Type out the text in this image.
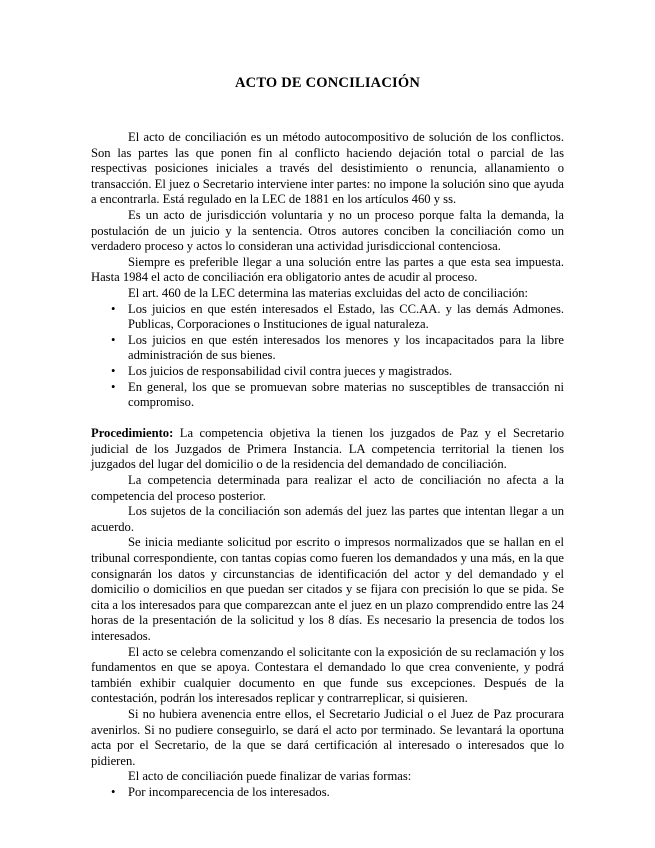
ACTO DE CONCILIACIÓN

El acto de conciliación es un método autocompositivo de solución de los conflictos. Son las partes las que ponen fin al conflicto haciendo dejación total o parcial de las respectivas posiciones iniciales a través del desistimiento o renuncia, allanamiento o transacción. El juez o Secretario interviene inter partes: no impone la solución sino que ayuda a encontrarla. Está regulado en la LEC de 1881 en los artículos 460 y ss.

Es un acto de jurisdicción voluntaria y no un proceso porque falta la demanda, la postulación de un juicio y la sentencia. Otros autores conciben la conciliación como un verdadero proceso y actos lo consideran una actividad jurisdiccional contenciosa.

Siempre es preferible llegar a una solución entre las partes a que esta sea impuesta. Hasta 1984 el acto de conciliación era obligatorio antes de acudir al proceso.

El art. 460 de la LEC determina las materias excluidas del acto de conciliación:

• Los juicios en que estén interesados el Estado, las CC.AA. y las demás Admones. Publicas, Corporaciones o Instituciones de igual naturaleza.
• Los juicios en que estén interesados los menores y los incapacitados para la libre administración de sus bienes.
• Los juicios de responsabilidad civil contra jueces y magistrados.
• En general, los que se promuevan sobre materias no susceptibles de transacción ni compromiso.

Procedimiento: La competencia objetiva la tienen los juzgados de Paz y el Secretario judicial de los Juzgados de Primera Instancia. LA competencia territorial la tienen los juzgados del lugar del domicilio o de la residencia del demandado de conciliación.

La competencia determinada para realizar el acto de conciliación no afecta a la competencia del proceso posterior.

Los sujetos de la conciliación son además del juez las partes que intentan llegar a un acuerdo.

Se inicia mediante solicitud por escrito o impresos normalizados que se hallan en el tribunal correspondiente, con tantas copias como fueren los demandados y una más, en la que consignarán los datos y circunstancias de identificación del actor y del demandado y el domicilio o domicilios en que puedan ser citados y se fijara con precisión lo que se pida. Se cita a los interesados para que comparezcan ante el juez en un plazo comprendido entre las 24 horas de la presentación de la solicitud y los 8 días. Es necesario la presencia de todos los interesados.

El acto se celebra comenzando el solicitante con la exposición de su reclamación y los fundamentos en que se apoya. Contestara el demandado lo que crea conveniente, y podrá también exhibir cualquier documento en que funde sus excepciones. Después de la contestación, podrán los interesados replicar y contrarreplicar, si quisieren.

Si no hubiera avenencia entre ellos, el Secretario Judicial o el Juez de Paz procurara avenirlos. Si no pudiere conseguirlo, se dará el acto por terminado. Se levantará la oportuna acta por el Secretario, de la que se dará certificación al interesado o interesados que lo pidieren.

El acto de conciliación puede finalizar de varias formas:

• Por incomparecencia de los interesados.
